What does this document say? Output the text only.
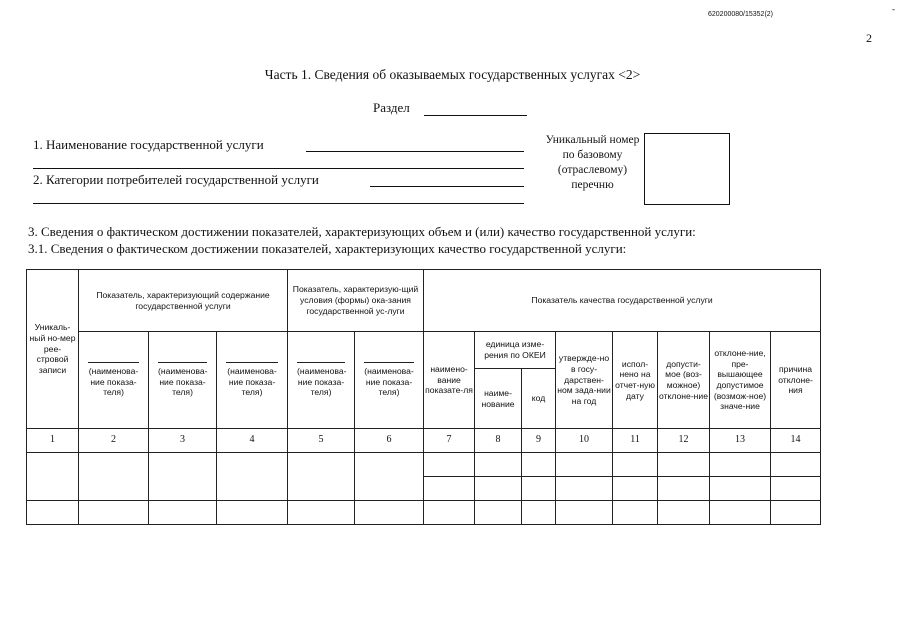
620200080/15352(2)
-
2
Часть 1. Сведения об оказываемых государственных услугах <2>
Раздел
1. Наименование государственной услуги
2. Категории потребителей государственной услуги
Уникальный номер по базовому (отраслевому) перечню
3. Сведения о фактическом достижении показателей, характеризующих объем и (или) качество государственной услуги:
3.1. Сведения о фактическом достижении показателей, характеризующих качество государственной услуги:
Уникаль-ный но-мер рее-стровой записи	Показатель, характеризующий содержание государственной услуги			Показатель, характеризую-щий условия (формы) ока-зания государственной ус-луги		Показатель качества государственной услуги							

	(наименова-ние показа-теля)	(наименова-ние показа-теля)	(наименова-ние показа-теля)	(наименова-ние показа-теля)	(наименова-ние показа-теля)	наимено-вание показате-ля	единица изме-рения по ОКЕИ		утвержде-но в госу-дарствен-ном зада-нии на год	испол-нено на отчет-ную дату	допусти-мое (воз-можное) отклоне-ние	отклоне-ние, пре-вышающее допустимое (возмож-ное) значе-ние	причина отклоне-ния
							наиме-нование	код					
1	2	3	4	5	6	7	8	9	10	11	12	13	14
